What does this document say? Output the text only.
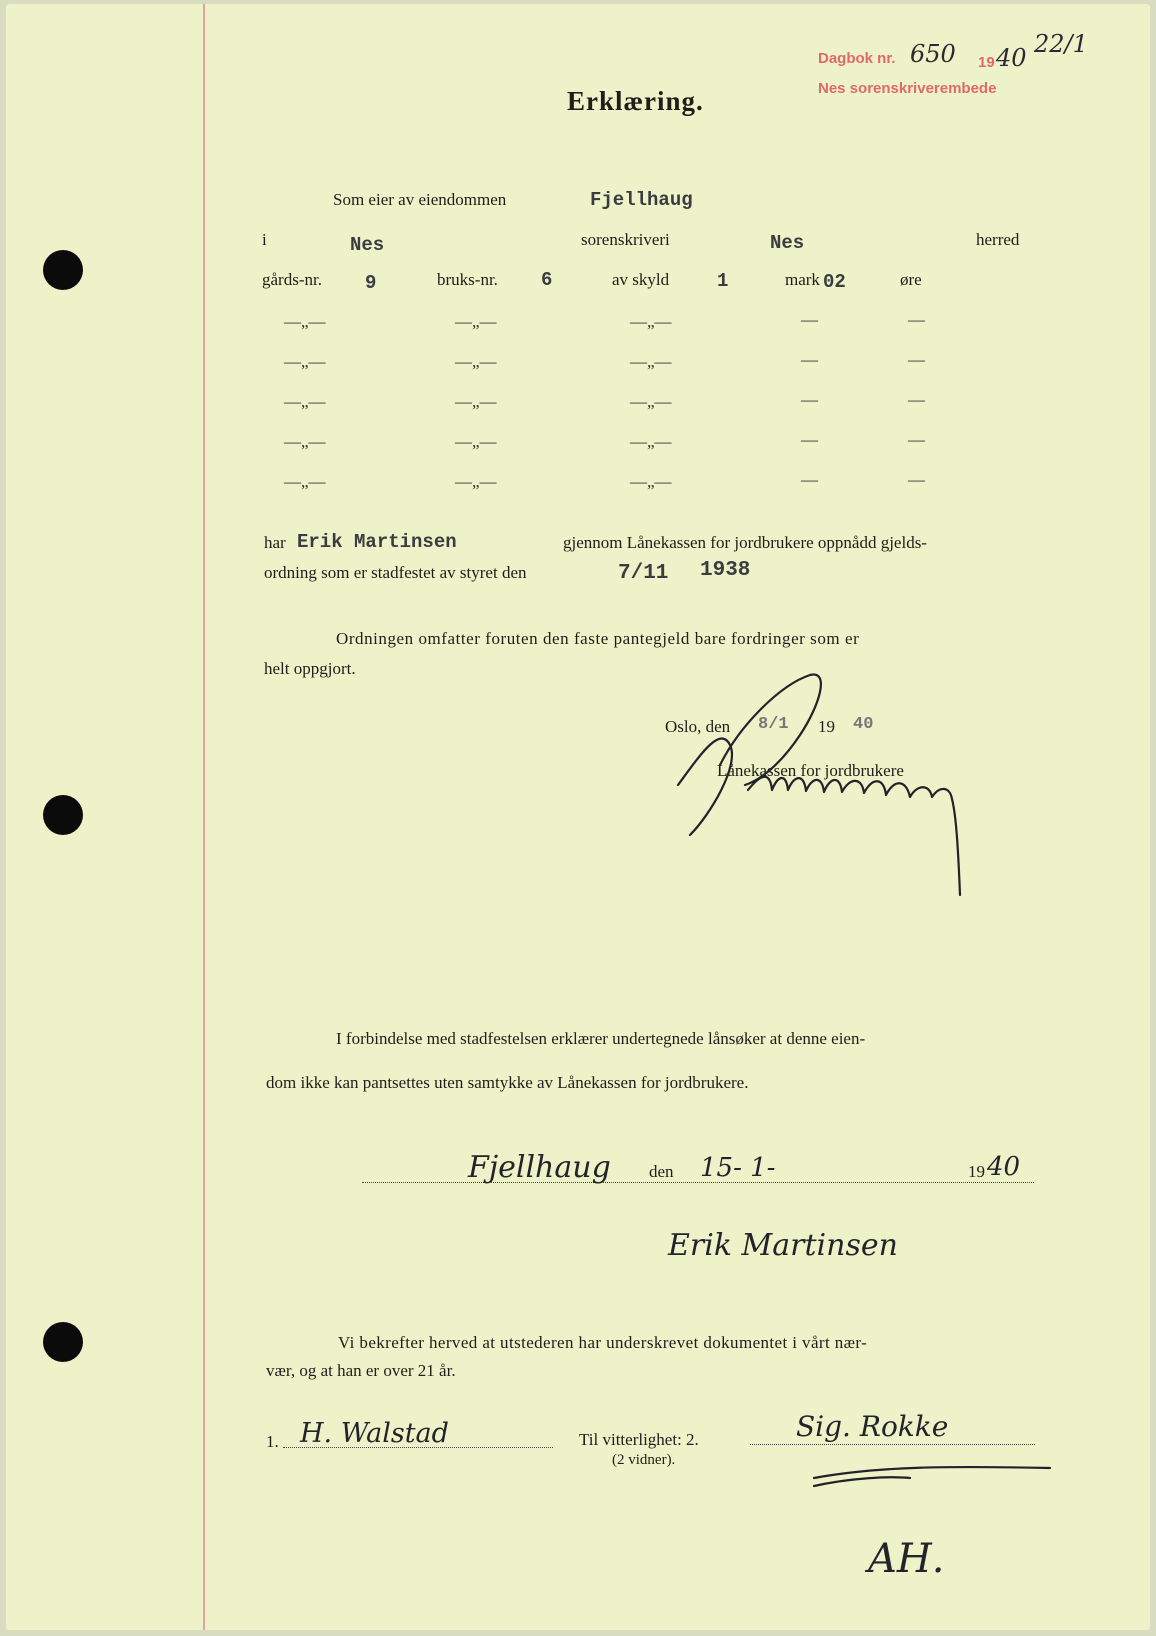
Dagbok nr. 650 19 40 22/1
Nes sorenskriverembede
Erklæring.
Som eier av eiendommen	Fjellhaug
i	Nes	sorenskriveri	Nes	herred
gårds-nr. 9	bruks-nr. 6	av skyld	1	mark 02	øre
—„—	—„—	—„—	—	—
—„—	—„—	—„—	—	—
—„—	—„—	—„—	—	—
—„—	—„—	—„—	—	—
—„—	—„—	—„—	—	—
har Erik Martinsen	gjennom Lånekassen for jordbrukere oppnådd gjelds-
ordning som er stadfestet av styret den	7/11 1938
Ordningen omfatter foruten den faste pantegjeld bare fordringer som er
helt oppgjort.
Oslo, den 8/1 19 40
Lånekassen for jordbrukere
I forbindelse med stadfestelsen erklærer undertegnede lånsøker at denne eien-
dom ikke kan pantsettes uten samtykke av Lånekassen for jordbrukere.
Fjellhaug den 15- 1-	19 40
Erik Martinsen
Vi bekrefter herved at utstederen har underskrevet dokumentet i vårt nær-
vær, og at han er over 21 år.
1. H. Walstad	Til vitterlighet: 2.	Sig. Rokke
(2 vidner).
AH.
